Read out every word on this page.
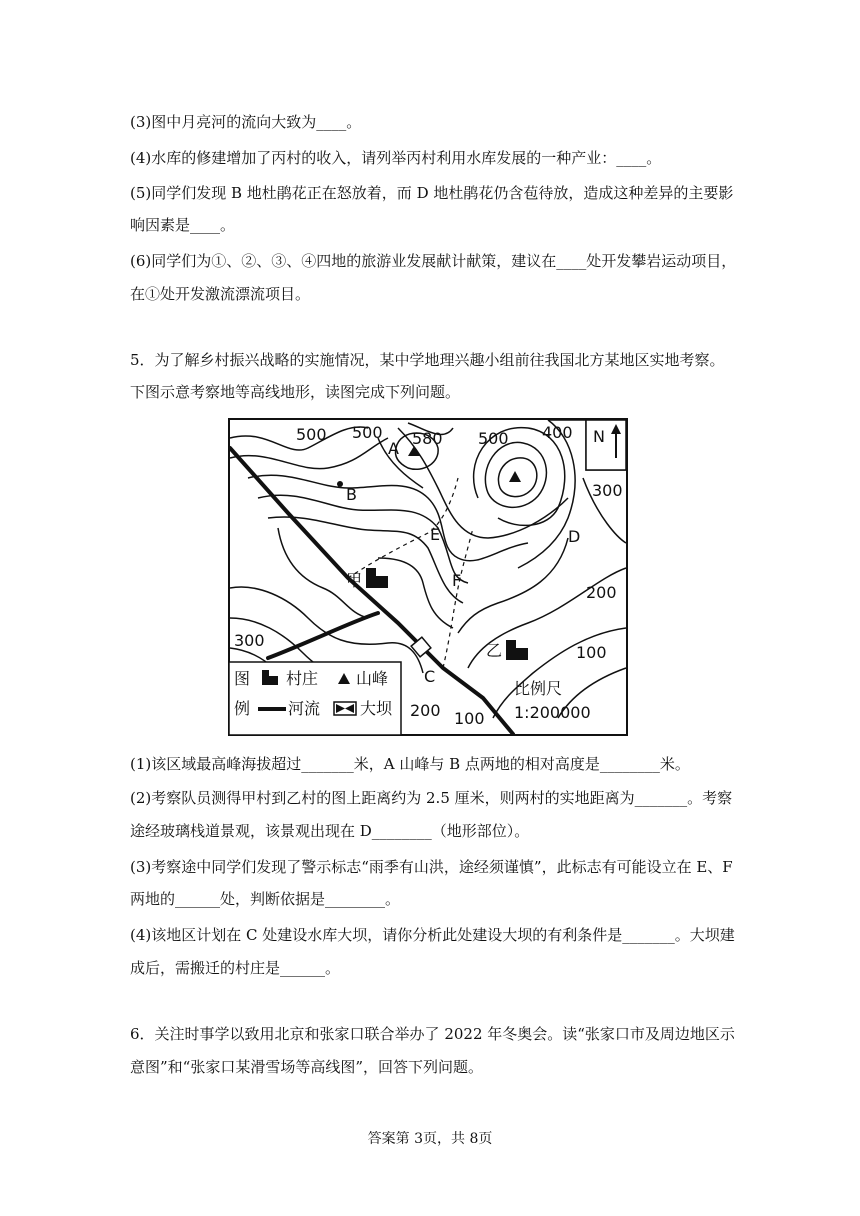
(3)图中月亮河的流向大致为____。
(4)水库的修建增加了丙村的收入，请列举丙村利用水库发展的一种产业：____。
(5)同学们发现 B 地杜鹃花正在怒放着，而 D 地杜鹃花仍含苞待放，造成这种差异的主要影
响因素是____。
(6)同学们为①、②、③、④四地的旅游业发展献计献策，建议在____处开发攀岩运动项目，
在①处开发激流漂流项目。
5．为了解乡村振兴战略的实施情况，某中学地理兴趣小组前往我国北方某地区实地考察。
下图示意考察地等高线地形，读图完成下列问题。
N
500 500 580 500 400
300
200
300
100
200 100
A
B
C
D
E
F
甲
乙
图
例
村庄 山峰
河流 大坝
比例尺
1:200000
(1)该区域最高峰海拔超过_______米，A 山峰与 B 点两地的相对高度是________米。
(2)考察队员测得甲村到乙村的图上距离约为 2.5 厘米，则两村的实地距离为_______。考察
途经玻璃栈道景观，该景观出现在 D________（地形部位）。
(3)考察途中同学们发现了警示标志“雨季有山洪，途经须谨慎”，此标志有可能设立在 E、F
两地的______处，判断依据是________。
(4)该地区计划在 C 处建设水库大坝，请你分析此处建设大坝的有利条件是_______。大坝建
成后，需搬迁的村庄是______。
6．关注时事学以致用北京和张家口联合举办了 2022 年冬奥会。读“张家口市及周边地区示
意图”和“张家口某滑雪场等高线图”，回答下列问题。
答案第 3页，共 8页
